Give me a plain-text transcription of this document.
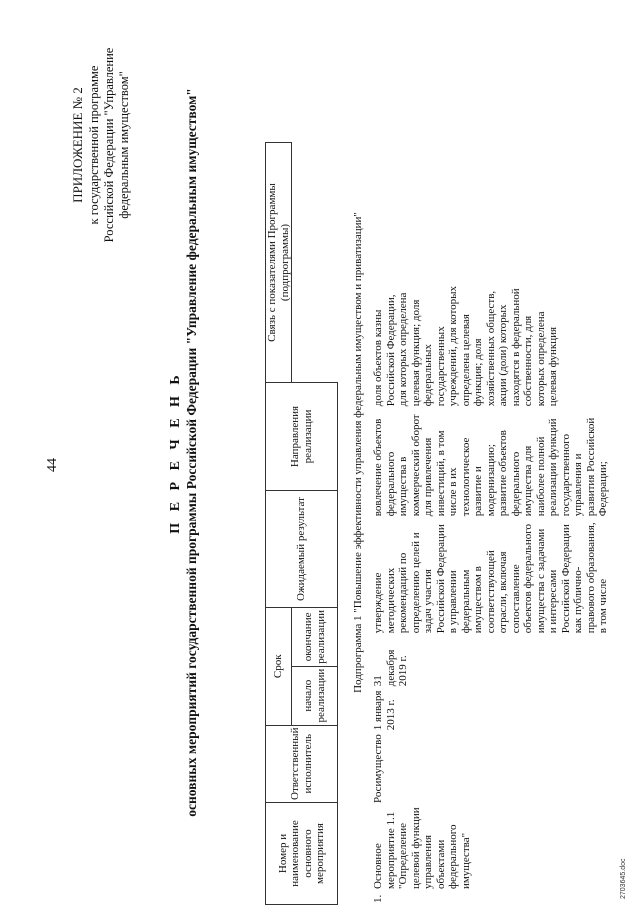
44
ПРИЛОЖЕНИЕ № 2 к государственной программе Российской Федерации "Управление федеральным имуществом"
П Е Р Е Ч Е Н Ь основных мероприятий государственной программы Российской Федерации "Управление федеральным имуществом"
Номер и наименование основного мероприятия	Ответственный исполнитель	Срок		Ожидаемый результат	Направления реализации	Связь с показателями Программы (подпрограммы)
		начало реализации	окончание реализации			Подпрограмма 1 "Повышение эффективности управления федеральным имуществом и приватизации"
1.	Основное мероприятие 1.1 "Определение целевой функции управления объектами федерального имущества"	Росимущество	1 января 2013 г.	31 декабря 2019 г.	утверждение методических рекомендаций по определению целей и задач участия Российской Федерации в управлении федеральным имуществом в соответствующей отрасли, включая сопоставление объектов федерального имущества с задачами и интересами Российской Федерации как публично-правового образования, в том числе	вовлечение объектов федерального имущества в коммерческий оборот для привлечения инвестиций, в том числе в их технологическое развитие и модернизацию; развитие объектов федерального имущества для наиболее полной реализации функций государственного управления и развития Российской Федерации;	доля объектов казны Российской Федерации, для которых определена целевая функция; доля федеральных государственных учреждений, для которых определена целевая функция; доля хозяйственных обществ, акции (доли) которых находятся в федеральной собственности, для которых определена целевая функция
2703645.doc
